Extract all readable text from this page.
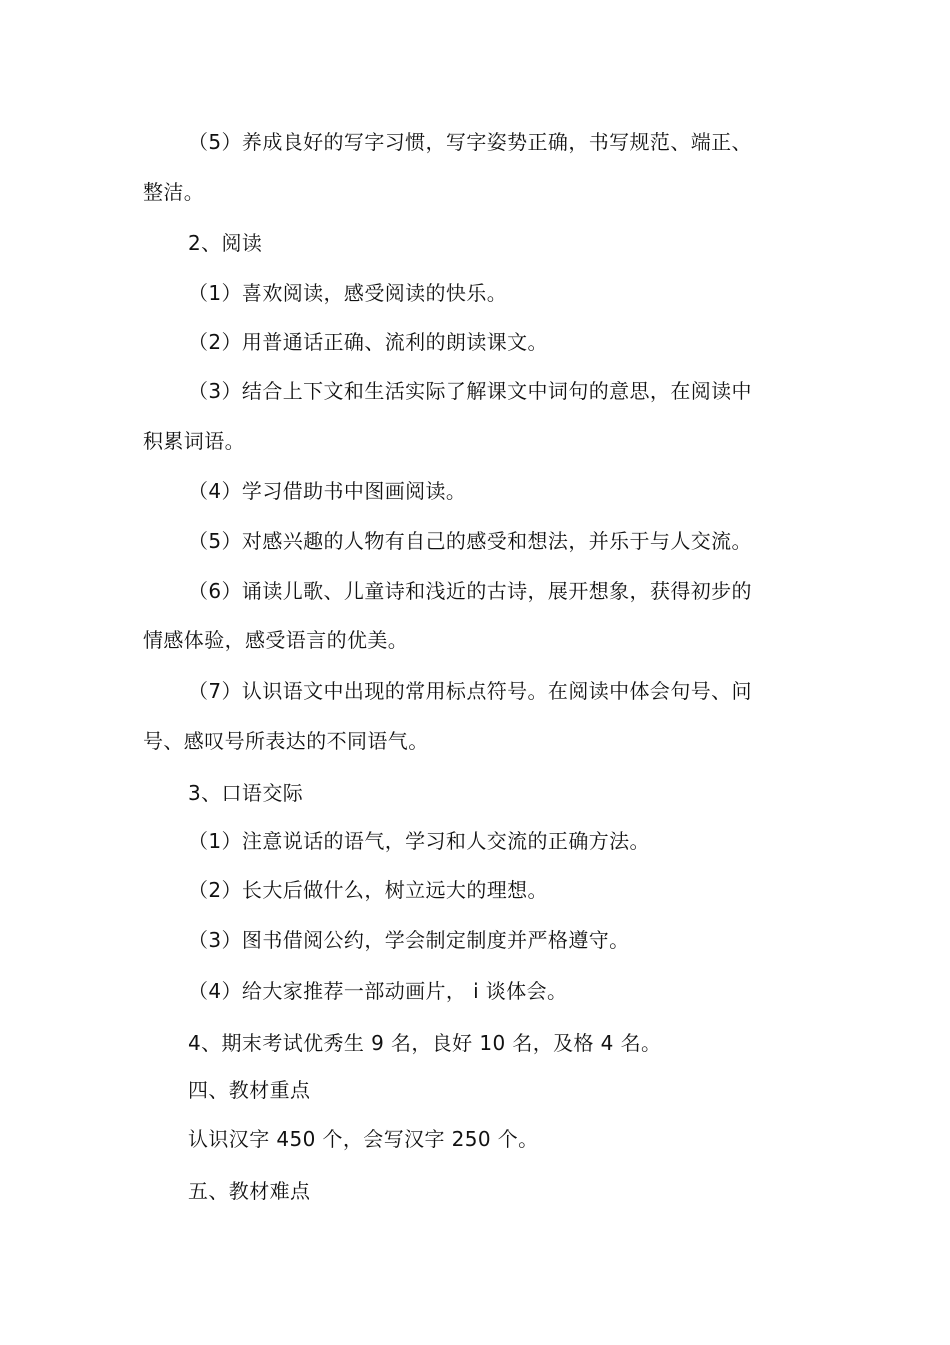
（5）养成良好的写字习惯，写字姿势正确，书写规范、端正、
整洁。
2、阅读
（1）喜欢阅读，感受阅读的快乐。
（2）用普通话正确、流利的朗读课文。
（3）结合上下文和生活实际了解课文中词句的意思，在阅读中
积累词语。
（4）学习借助书中图画阅读。
（5）对感兴趣的人物有自己的感受和想法，并乐于与人交流。
（6）诵读儿歌、儿童诗和浅近的古诗，展开想象，获得初步的
情感体验，感受语言的优美。
（7）认识语文中出现的常用标点符号。在阅读中体会句号、问
号、感叹号所表达的不同语气。
3、口语交际
（1）注意说话的语气，学习和人交流的正确方法。
（2）长大后做什么，树立远大的理想。
（3）图书借阅公约，学会制定制度并严格遵守。
（4）给大家推荐一部动画片， i 谈体会。
4、期末考试优秀生 9 名，良好 10 名，及格 4 名。
四、教材重点
认识汉字 450 个，会写汉字 250 个。
五、教材难点
